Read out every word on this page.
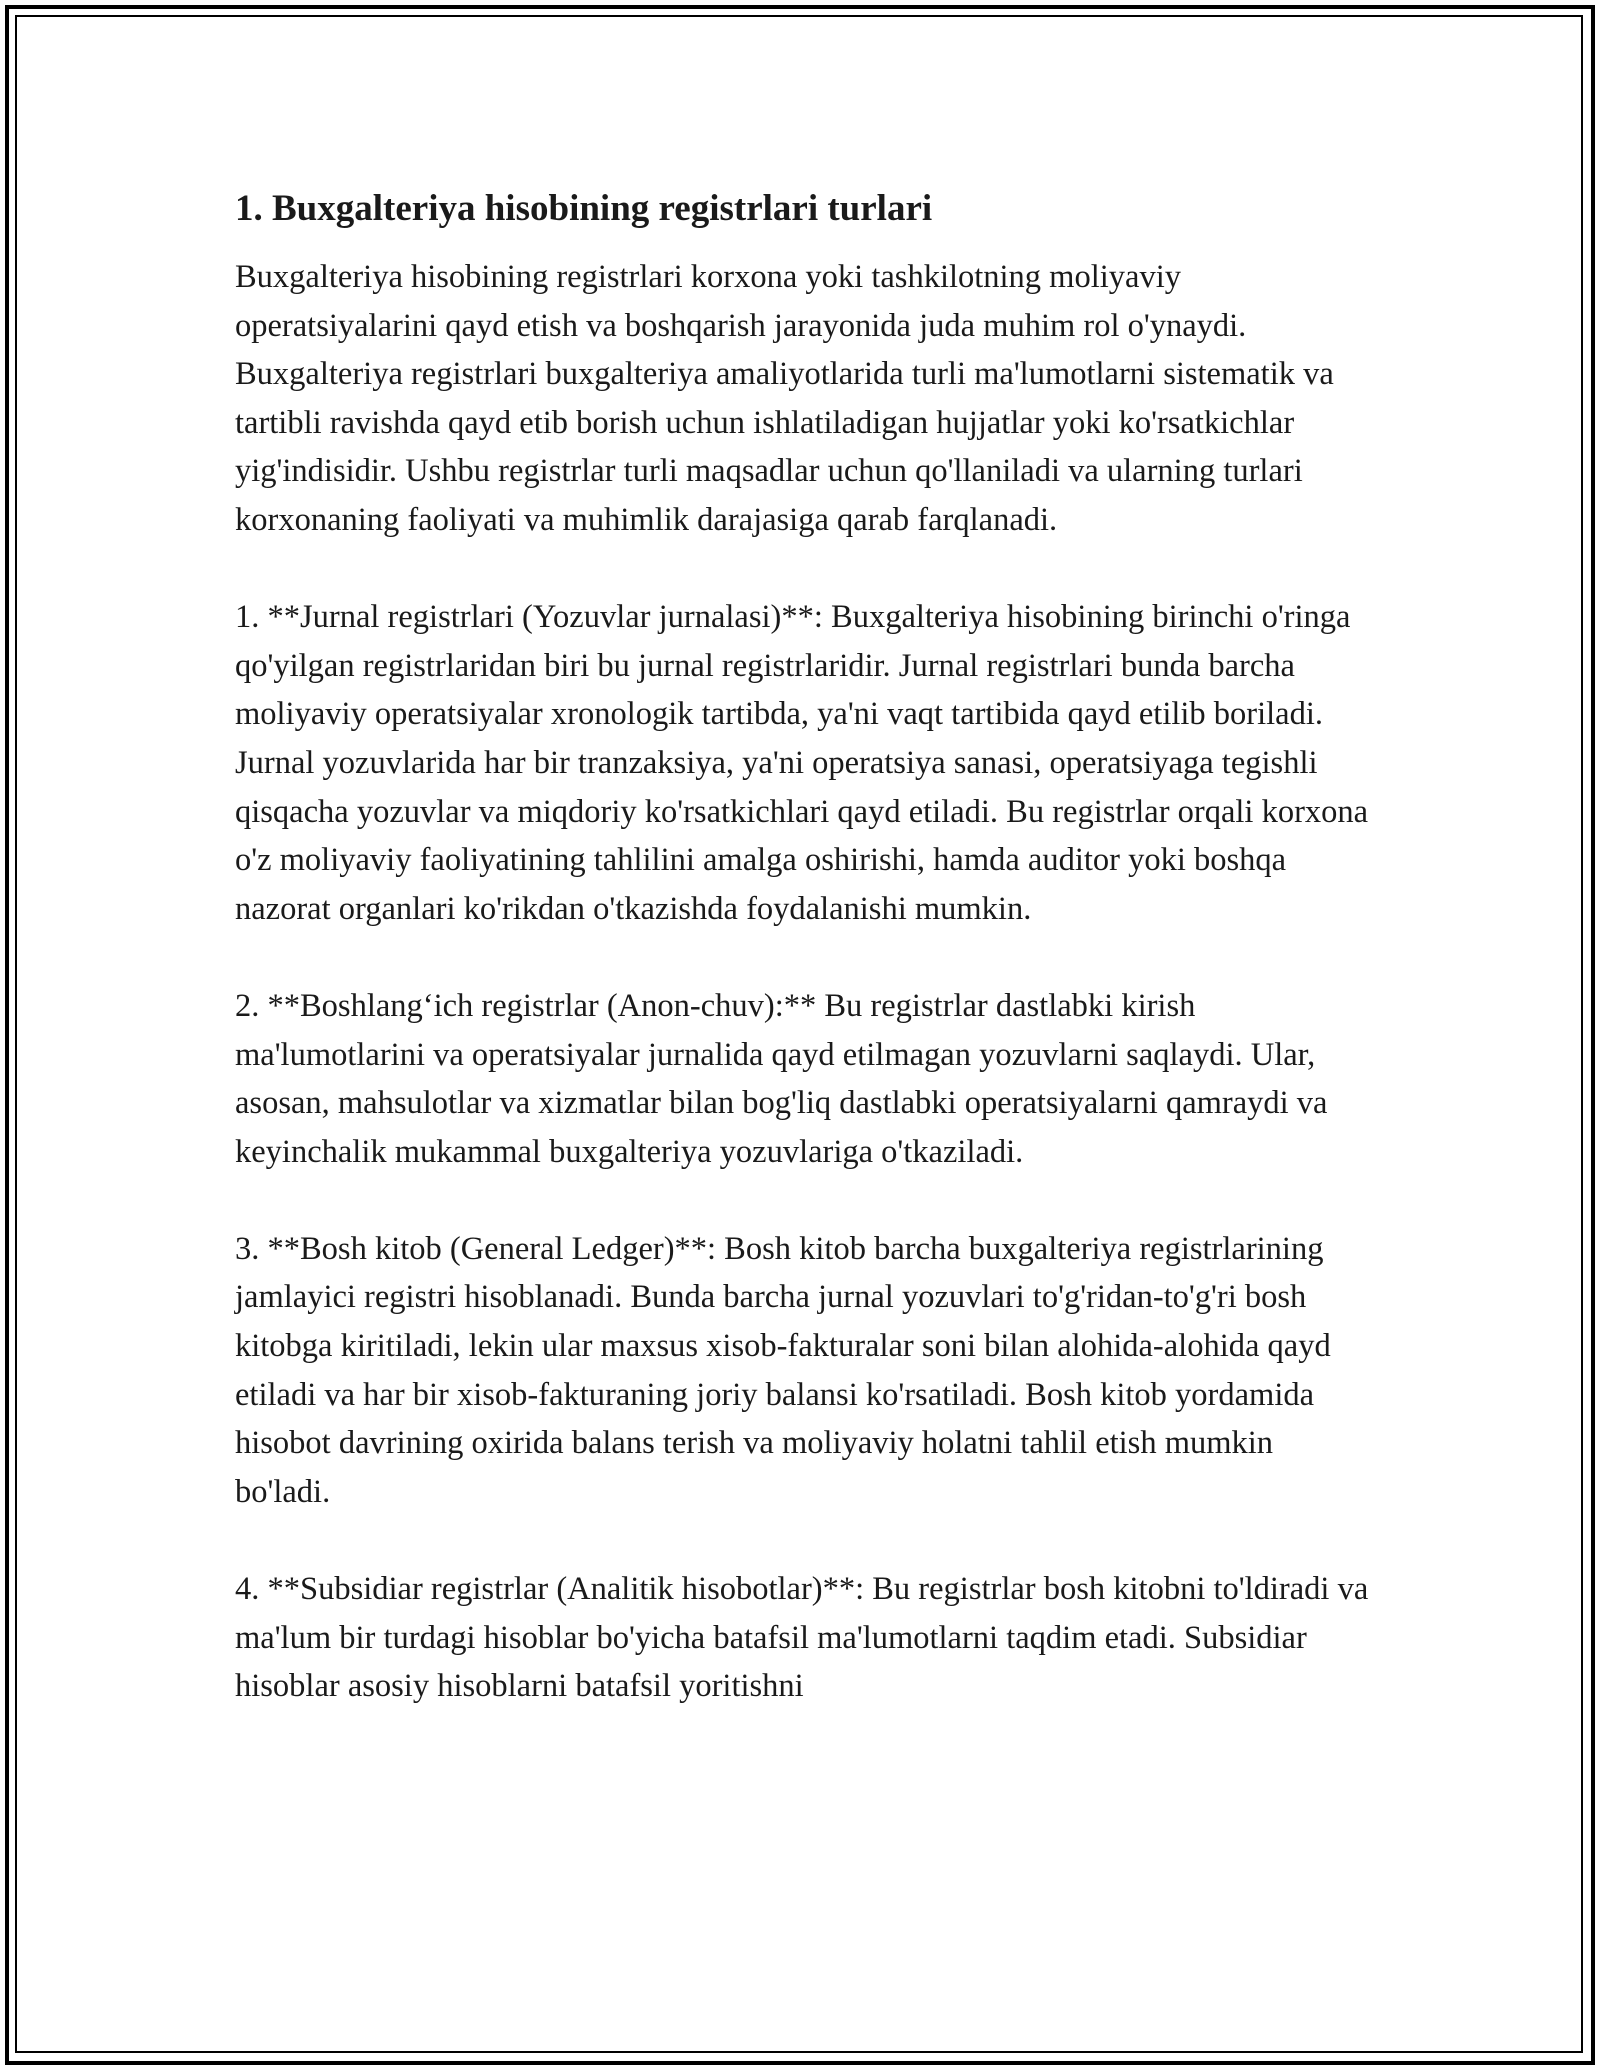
1. Buxgalteriya hisobining registrlari turlari

Buxgalteriya hisobining registrlari korxona yoki tashkilotning moliyaviy operatsiyalarini qayd etish va boshqarish jarayonida juda muhim rol o'ynaydi. Buxgalteriya registrlari buxgalteriya amaliyotlarida turli ma'lumotlarni sistematik va tartibli ravishda qayd etib borish uchun ishlatiladigan hujjatlar yoki ko'rsatkichlar yig'indisidir. Ushbu registrlar turli maqsadlar uchun qo'llaniladi va ularning turlari korxonaning faoliyati va muhimlik darajasiga qarab farqlanadi.

1. **Jurnal registrlari (Yozuvlar jurnalasi)**: Buxgalteriya hisobining birinchi o'ringa qo'yilgan registrlaridan biri bu jurnal registrlaridir. Jurnal registrlari bunda barcha moliyaviy operatsiyalar xronologik tartibda, ya'ni vaqt tartibida qayd etilib boriladi. Jurnal yozuvlarida har bir tranzaksiya, ya'ni operatsiya sanasi, operatsiyaga tegishli qisqacha yozuvlar va miqdoriy ko'rsatkichlari qayd etiladi. Bu registrlar orqali korxona o'z moliyaviy faoliyatining tahlilini amalga oshirishi, hamda auditor yoki boshqa nazorat organlari ko'rikdan o'tkazishda foydalanishi mumkin.

2. **Boshlang‘ich registrlar (Anon-chuv):** Bu registrlar dastlabki kirish ma'lumotlarini va operatsiyalar jurnalida qayd etilmagan yozuvlarni saqlaydi. Ular, asosan, mahsulotlar va xizmatlar bilan bog'liq dastlabki operatsiyalarni qamraydi va keyinchalik mukammal buxgalteriya yozuvlariga o'tkaziladi.

3. **Bosh kitob (General Ledger)**: Bosh kitob barcha buxgalteriya registrlarining jamlayici registri hisoblanadi. Bunda barcha jurnal yozuvlari to'g'ridan-to'g'ri bosh kitobga kiritiladi, lekin ular maxsus xisob-fakturalar soni bilan alohida-alohida qayd etiladi va har bir xisob-fakturaning joriy balansi ko'rsatiladi. Bosh kitob yordamida hisobot davrining oxirida balans terish va moliyaviy holatni tahlil etish mumkin bo'ladi.

4. **Subsidiar registrlar (Analitik hisobotlar)**: Bu registrlar bosh kitobni to'ldiradi va ma'lum bir turdagi hisoblar bo'yicha batafsil ma'lumotlarni taqdim etadi. Subsidiar hisoblar asosiy hisoblarni batafsil yoritishni
